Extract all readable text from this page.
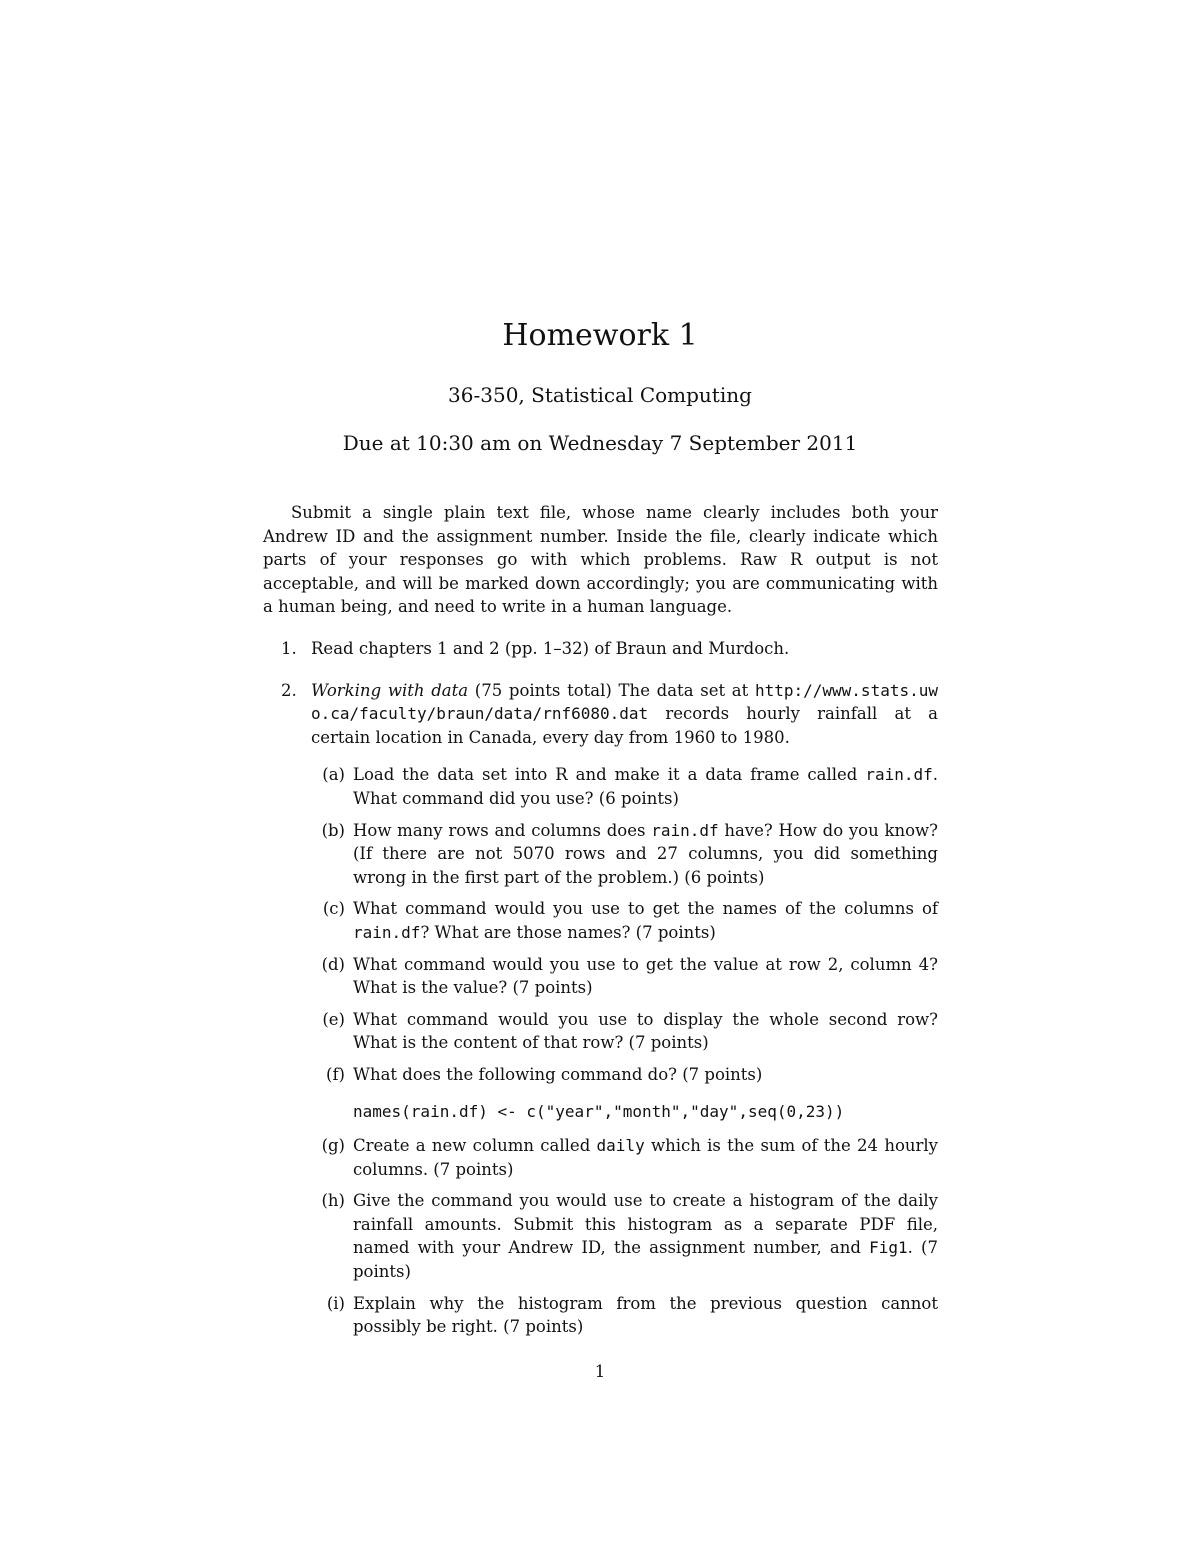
Homework 1
36-350, Statistical Computing
Due at 10:30 am on Wednesday 7 September 2011

Submit a single plain text file, whose name clearly includes both your Andrew ID and the assignment number. Inside the file, clearly indicate which parts of your responses go with which problems. Raw R output is not acceptable, and will be marked down accordingly; you are communicating with a human being, and need to write in a human language.

1. Read chapters 1 and 2 (pp. 1–32) of Braun and Murdoch.
2. Working with data (75 points total) The data set at http://www.stats.uwo.ca/faculty/braun/data/rnf6080.dat records hourly rainfall at a certain location in Canada, every day from 1960 to 1980.
(a) Load the data set into R and make it a data frame called rain.df. What command did you use? (6 points)
(b) How many rows and columns does rain.df have? How do you know? (If there are not 5070 rows and 27 columns, you did something wrong in the first part of the problem.) (6 points)
(c) What command would you use to get the names of the columns of rain.df? What are those names? (7 points)
(d) What command would you use to get the value at row 2, column 4? What is the value? (7 points)
(e) What command would you use to display the whole second row? What is the content of that row? (7 points)
(f) What does the following command do? (7 points)
names(rain.df) <- c("year","month","day",seq(0,23))
(g) Create a new column called daily which is the sum of the 24 hourly columns. (7 points)
(h) Give the command you would use to create a histogram of the daily rainfall amounts. Submit this histogram as a separate PDF file, named with your Andrew ID, the assignment number, and Fig1. (7 points)
(i) Explain why the histogram from the previous question cannot possibly be right. (7 points)
1
